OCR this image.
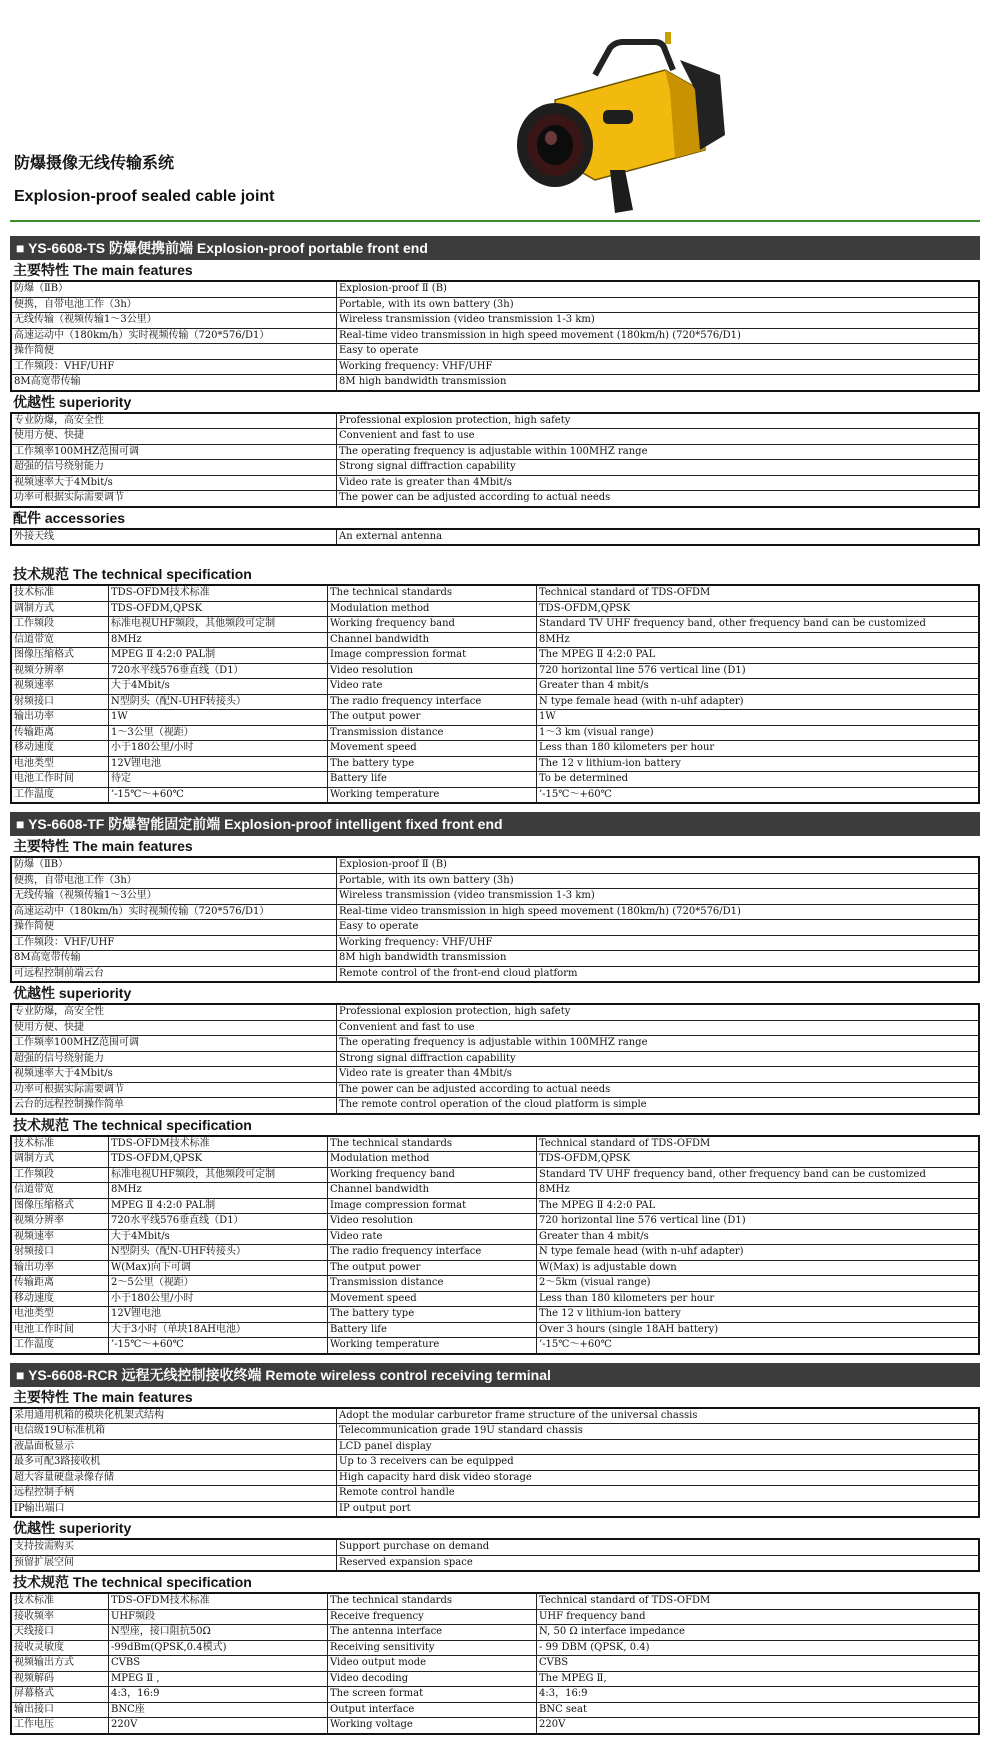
防爆摄像无线传输系统
Explosion-proof sealed cable joint
■ YS-6608-TS 防爆便携前端 Explosion-proof portable front end
主要特性 The main features
防爆（ⅡB）	Explosion-proof Ⅱ (B)
便携，自带电池工作（3h）	Portable, with its own battery (3h)
无线传输（视频传输1～3公里）	Wireless transmission (video transmission 1-3 km)
高速运动中（180km/h）实时视频传输（720*576/D1）	Real-time video transmission in high speed movement (180km/h) (720*576/D1)
操作简便	Easy to operate
工作频段：VHF/UHF	Working frequency: VHF/UHF
8M高宽带传输	8M high bandwidth transmission
优越性 superiority
专业防爆，高安全性	Professional explosion protection, high safety
使用方便、快捷	Convenient and fast to use
工作频率100MHZ范围可调	The operating frequency is adjustable within 100MHZ range
超强的信号绕射能力	Strong signal diffraction capability
视频速率大于4Mbit/s	Video rate is greater than 4Mbit/s
功率可根据实际需要调节	The power can be adjusted according to actual needs
配件 accessories
外接天线	An external antenna
技术规范 The technical specification
技术标准	TDS-OFDM技术标准	The technical standards	Technical standard of TDS-OFDM
调制方式	TDS-OFDM,QPSK	Modulation method	TDS-OFDM,QPSK
工作频段	标准电视UHF频段，其他频段可定制	Working frequency band	Standard TV UHF frequency band, other frequency band can be customized
信道带宽	8MHz	Channel bandwidth	8MHz
图像压缩格式	MPEG Ⅱ 4:2:0 PAL制	Image compression format	The MPEG Ⅱ 4:2:0 PAL
视频分辨率	720水平线576垂直线（D1）	Video resolution	720 horizontal line 576 vertical line (D1)
视频速率	大于4Mbit/s	Video rate	Greater than 4 mbit/s
射频接口	N型阴头（配N-UHF转接头）	The radio frequency interface	N type female head (with n-uhf adapter)
输出功率	1W	The output power	1W
传输距离	1～3公里（视距）	Transmission distance	1～3 km (visual range)
移动速度	小于180公里/小时	Movement speed	Less than 180 kilometers per hour
电池类型	12V锂电池	The battery type	The 12 v lithium-ion battery
电池工作时间	待定	Battery life	To be determined
工作温度	’-15℃～+60℃	Working temperature	’-15℃～+60℃
■ YS-6608-TF 防爆智能固定前端 Explosion-proof intelligent fixed front end
主要特性 The main features
防爆（ⅡB）	Explosion-proof Ⅱ (B)
便携，自带电池工作（3h）	Portable, with its own battery (3h)
无线传输（视频传输1～3公里）	Wireless transmission (video transmission 1-3 km)
高速运动中（180km/h）实时视频传输（720*576/D1）	Real-time video transmission in high speed movement (180km/h) (720*576/D1)
操作简便	Easy to operate
工作频段：VHF/UHF	Working frequency: VHF/UHF
8M高宽带传输	8M high bandwidth transmission
可远程控制前端云台	Remote control of the front-end cloud platform
优越性 superiority
专业防爆，高安全性	Professional explosion protection, high safety
使用方便、快捷	Convenient and fast to use
工作频率100MHZ范围可调	The operating frequency is adjustable within 100MHZ range
超强的信号绕射能力	Strong signal diffraction capability
视频速率大于4Mbit/s	Video rate is greater than 4Mbit/s
功率可根据实际需要调节	The power can be adjusted according to actual needs
云台的远程控制操作简单	The remote control operation of the cloud platform is simple
技术规范 The technical specification
技术标准	TDS-OFDM技术标准	The technical standards	Technical standard of TDS-OFDM
调制方式	TDS-OFDM,QPSK	Modulation method	TDS-OFDM,QPSK
工作频段	标准电视UHF频段，其他频段可定制	Working frequency band	Standard TV UHF frequency band, other frequency band can be customized
信道带宽	8MHz	Channel bandwidth	8MHz
图像压缩格式	MPEG Ⅱ 4:2:0 PAL制	Image compression format	The MPEG Ⅱ 4:2:0 PAL
视频分辨率	720水平线576垂直线（D1）	Video resolution	720 horizontal line 576 vertical line (D1)
视频速率	大于4Mbit/s	Video rate	Greater than 4 mbit/s
射频接口	N型阴头（配N-UHF转接头）	The radio frequency interface	N type female head (with n-uhf adapter)
输出功率	W(Max)向下可调	The output power	W(Max) is adjustable down
传输距离	2～5公里（视距）	Transmission distance	2～5km (visual range)
移动速度	小于180公里/小时	Movement speed	Less than 180 kilometers per hour
电池类型	12V锂电池	The battery type	The 12 v lithium-ion battery
电池工作时间	大于3小时（单块18AH电池）	Battery life	Over 3 hours (single 18AH battery)
工作温度	’-15℃～+60℃	Working temperature	’-15℃～+60℃
■ YS-6608-RCR 远程无线控制接收终端 Remote wireless control receiving terminal
主要特性 The main features
采用通用机箱的模块化机架式结构	Adopt the modular carburetor frame structure of the universal chassis
电信级19U标准机箱	Telecommunication grade 19U standard chassis
液晶面板显示	LCD panel display
最多可配3路接收机	Up to 3 receivers can be equipped
超大容量硬盘录像存储	High capacity hard disk video storage
远程控制手柄	Remote control handle
IP输出端口	IP output port
优越性 superiority
支持按需购买	Support purchase on demand
预留扩展空间	Reserved expansion space
技术规范 The technical specification
技术标准	TDS-OFDM技术标准	The technical standards	Technical standard of TDS-OFDM
接收频率	UHF频段	Receive frequency	UHF frequency band
天线接口	N型座，接口阻抗50Ω	The antenna interface	N, 50 Ω interface impedance
接收灵敏度	-99dBm(QPSK,0.4模式)	Receiving sensitivity	- 99 DBM (QPSK, 0.4)
视频输出方式	CVBS	Video output mode	CVBS
视频解码	MPEG Ⅱ ,	Video decoding	The MPEG Ⅱ,
屏幕格式	4:3，16:9	The screen format	4:3，16:9
输出接口	BNC座	Output interface	BNC seat
工作电压	220V	Working voltage	220V
